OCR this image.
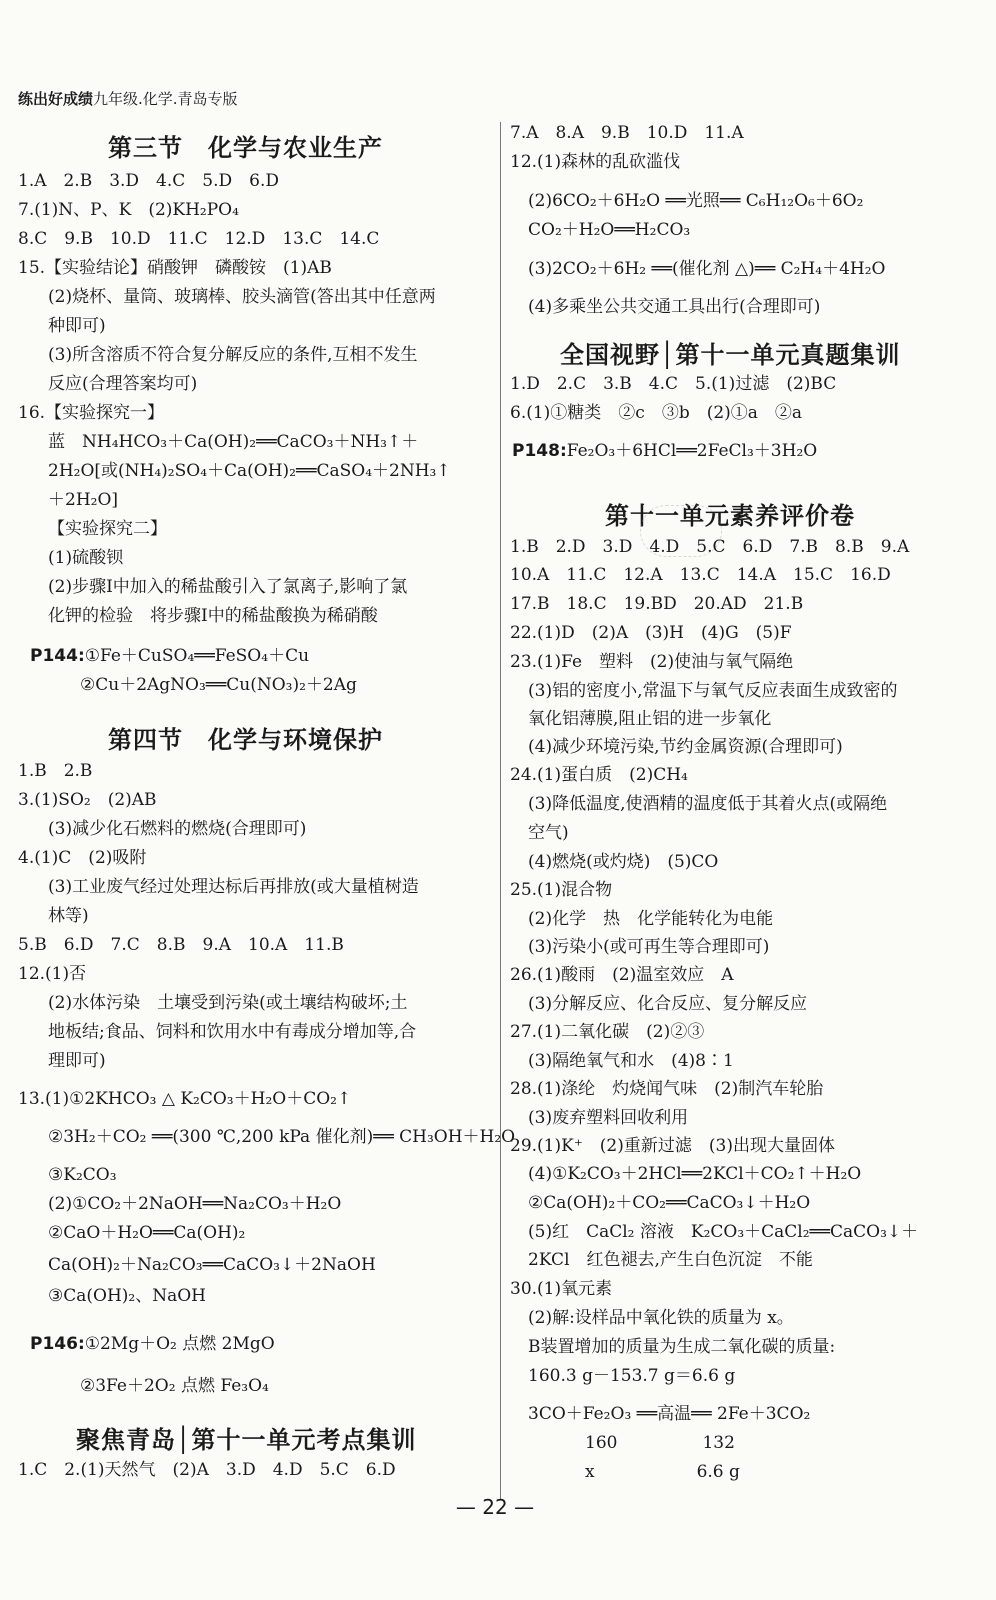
练出好成绩九年级.化学.青岛专版
第三节　化学与农业生产
1.A　2.B　3.D　4.C　5.D　6.D
7.(1)N、P、K　(2)KH₂PO₄
8.C　9.B　10.D　11.C　12.D　13.C　14.C
15.【实验结论】硝酸钾　磷酸铵　(1)AB
(2)烧杯、量筒、玻璃棒、胶头滴管(答出其中任意两
种即可)
(3)所含溶质不符合复分解反应的条件,互相不发生
反应(合理答案均可)
16.【实验探究一】
蓝　NH₄HCO₃＋Ca(OH)₂══CaCO₃＋NH₃↑＋
2H₂O[或(NH₄)₂SO₄＋Ca(OH)₂══CaSO₄＋2NH₃↑
＋2H₂O]
【实验探究二】
(1)硫酸钡
(2)步骤Ⅰ中加入的稀盐酸引入了氯离子,影响了氯
化钾的检验　将步骤Ⅰ中的稀盐酸换为稀硝酸
P144:①Fe＋CuSO₄══FeSO₄＋Cu
②Cu＋2AgNO₃══Cu(NO₃)₂＋2Ag
第四节　化学与环境保护
1.B　2.B
3.(1)SO₂　(2)AB
(3)减少化石燃料的燃烧(合理即可)
4.(1)C　(2)吸附
(3)工业废气经过处理达标后再排放(或大量植树造
林等)
5.B　6.D　7.C　8.B　9.A　10.A　11.B
12.(1)否
(2)水体污染　土壤受到污染(或土壤结构破坏;土
地板结;食品、饲料和饮用水中有毒成分增加等,合
理即可)
13.(1)①2KHCO₃ △ K₂CO₃＋H₂O＋CO₂↑
②3H₂＋CO₂ ══(300 ℃,200 kPa 催化剂)══ CH₃OH＋H₂O
③K₂CO₃
(2)①CO₂＋2NaOH══Na₂CO₃＋H₂O
②CaO＋H₂O══Ca(OH)₂
Ca(OH)₂＋Na₂CO₃══CaCO₃↓＋2NaOH
③Ca(OH)₂、NaOH
P146:①2Mg＋O₂ 点燃 2MgO
②3Fe＋2O₂ 点燃 Fe₃O₄
聚焦青岛│第十一单元考点集训
1.C　2.(1)天然气　(2)A　3.D　4.D　5.C　6.D
7.A　8.A　9.B　10.D　11.A
12.(1)森林的乱砍滥伐
(2)6CO₂＋6H₂O ══光照══ C₆H₁₂O₆＋6O₂
CO₂＋H₂O══H₂CO₃
(3)2CO₂＋6H₂ ══(催化剂 △)══ C₂H₄＋4H₂O
(4)多乘坐公共交通工具出行(合理即可)
全国视野│第十一单元真题集训
1.D　2.C　3.B　4.C　5.(1)过滤　(2)BC
6.(1)①糖类　②c　③b　(2)①a　②a
P148:Fe₂O₃＋6HCl══2FeCl₃＋3H₂O
第十一单元素养评价卷
1.B　2.D　3.D　4.D　5.C　6.D　7.B　8.B　9.A
10.A　11.C　12.A　13.C　14.A　15.C　16.D
17.B　18.C　19.BD　20.AD　21.B
22.(1)D　(2)A　(3)H　(4)G　(5)F
23.(1)Fe　塑料　(2)使油与氧气隔绝
(3)铝的密度小,常温下与氧气反应表面生成致密的
氧化铝薄膜,阻止铝的进一步氧化
(4)减少环境污染,节约金属资源(合理即可)
24.(1)蛋白质　(2)CH₄
(3)降低温度,使酒精的温度低于其着火点(或隔绝
空气)
(4)燃烧(或灼烧)　(5)CO
25.(1)混合物
(2)化学　热　化学能转化为电能
(3)污染小(或可再生等合理即可)
26.(1)酸雨　(2)温室效应　A
(3)分解反应、化合反应、复分解反应
27.(1)二氧化碳　(2)②③
(3)隔绝氧气和水　(4)8∶1
28.(1)涤纶　灼烧闻气味　(2)制汽车轮胎
(3)废弃塑料回收利用
29.(1)K⁺　(2)重新过滤　(3)出现大量固体
(4)①K₂CO₃＋2HCl══2KCl＋CO₂↑＋H₂O
②Ca(OH)₂＋CO₂══CaCO₃↓＋H₂O
(5)红　CaCl₂ 溶液　K₂CO₃＋CaCl₂══CaCO₃↓＋
2KCl　红色褪去,产生白色沉淀　不能
30.(1)氧元素
(2)解:设样品中氧化铁的质量为 x。
B装置增加的质量为生成二氧化碳的质量:
160.3 g－153.7 g＝6.6 g
3CO＋Fe₂O₃ ══高温══ 2Fe＋3CO₂
160　　　　　132
x　　　　　　6.6 g
— 22 —
